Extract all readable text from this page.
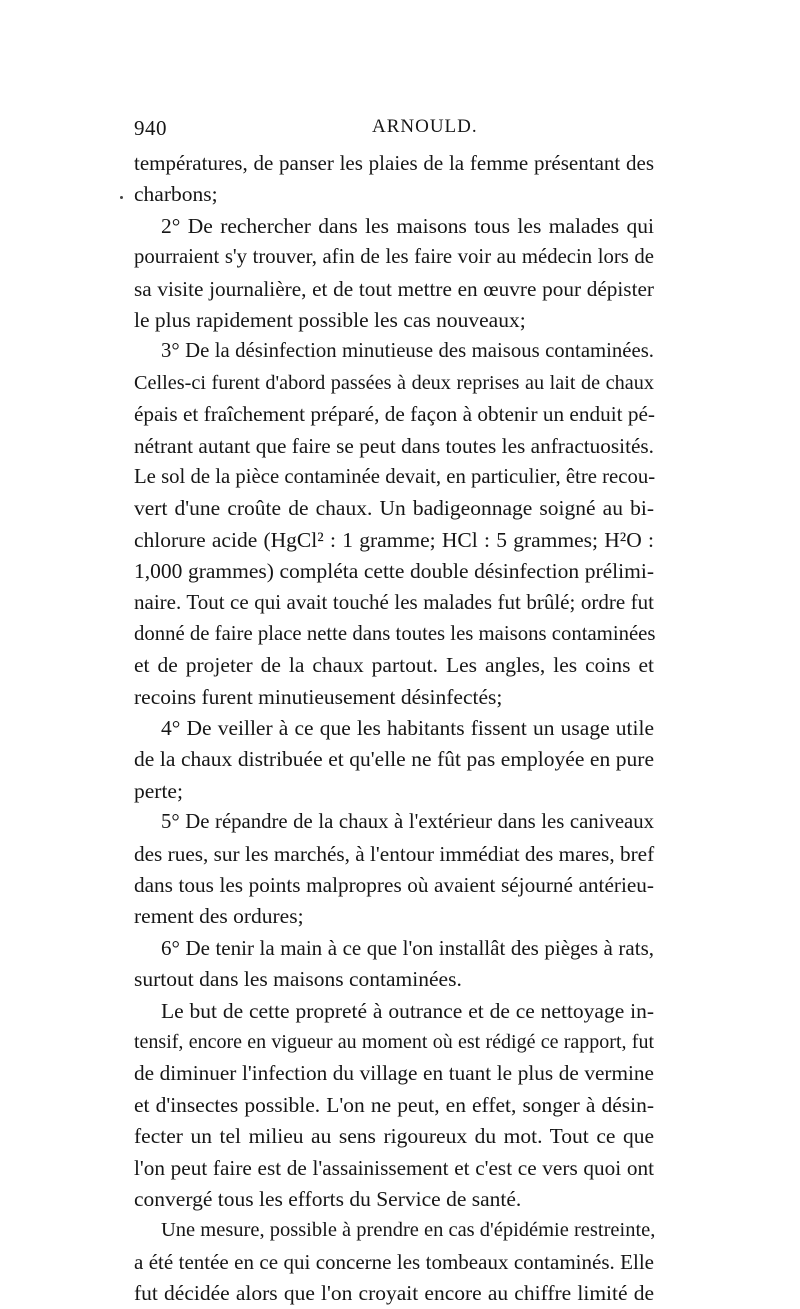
940	ARNOULD.
températures, de panser les plaies de la femme présentant des
charbons;
2° De rechercher dans les maisons tous les malades qui
pourraient s'y trouver, afin de les faire voir au médecin lors de
sa visite journalière, et de tout mettre en œuvre pour dépister
le plus rapidement possible les cas nouveaux;
3° De la désinfection minutieuse des maisous contaminées.
Celles-ci furent d'abord passées à deux reprises au lait de chaux
épais et fraîchement préparé, de façon à obtenir un enduit pé-
nétrant autant que faire se peut dans toutes les anfractuosités.
Le sol de la pièce contaminée devait, en particulier, être recou-
vert d'une croûte de chaux. Un badigeonnage soigné au bi-
chlorure acide (HgCl² : 1 gramme; HCl : 5 grammes; H²O :
1,000 grammes) compléta cette double désinfection prélimi-
naire. Tout ce qui avait touché les malades fut brûlé; ordre fut
donné de faire place nette dans toutes les maisons contaminées
et de projeter de la chaux partout. Les angles, les coins et
recoins furent minutieusement désinfectés;
4° De veiller à ce que les habitants fissent un usage utile
de la chaux distribuée et qu'elle ne fût pas employée en pure
perte;
5° De répandre de la chaux à l'extérieur dans les caniveaux
des rues, sur les marchés, à l'entour immédiat des mares, bref
dans tous les points malpropres où avaient séjourné antérieu-
rement des ordures;
6° De tenir la main à ce que l'on installât des pièges à rats,
surtout dans les maisons contaminées.
Le but de cette propreté à outrance et de ce nettoyage in-
tensif, encore en vigueur au moment où est rédigé ce rapport, fut
de diminuer l'infection du village en tuant le plus de vermine
et d'insectes possible. L'on ne peut, en effet, songer à désin-
fecter un tel milieu au sens rigoureux du mot. Tout ce que
l'on peut faire est de l'assainissement et c'est ce vers quoi ont
convergé tous les efforts du Service de santé.
Une mesure, possible à prendre en cas d'épidémie restreinte,
a été tentée en ce qui concerne les tombeaux contaminés. Elle
fut décidée alors que l'on croyait encore au chiffre limité de
